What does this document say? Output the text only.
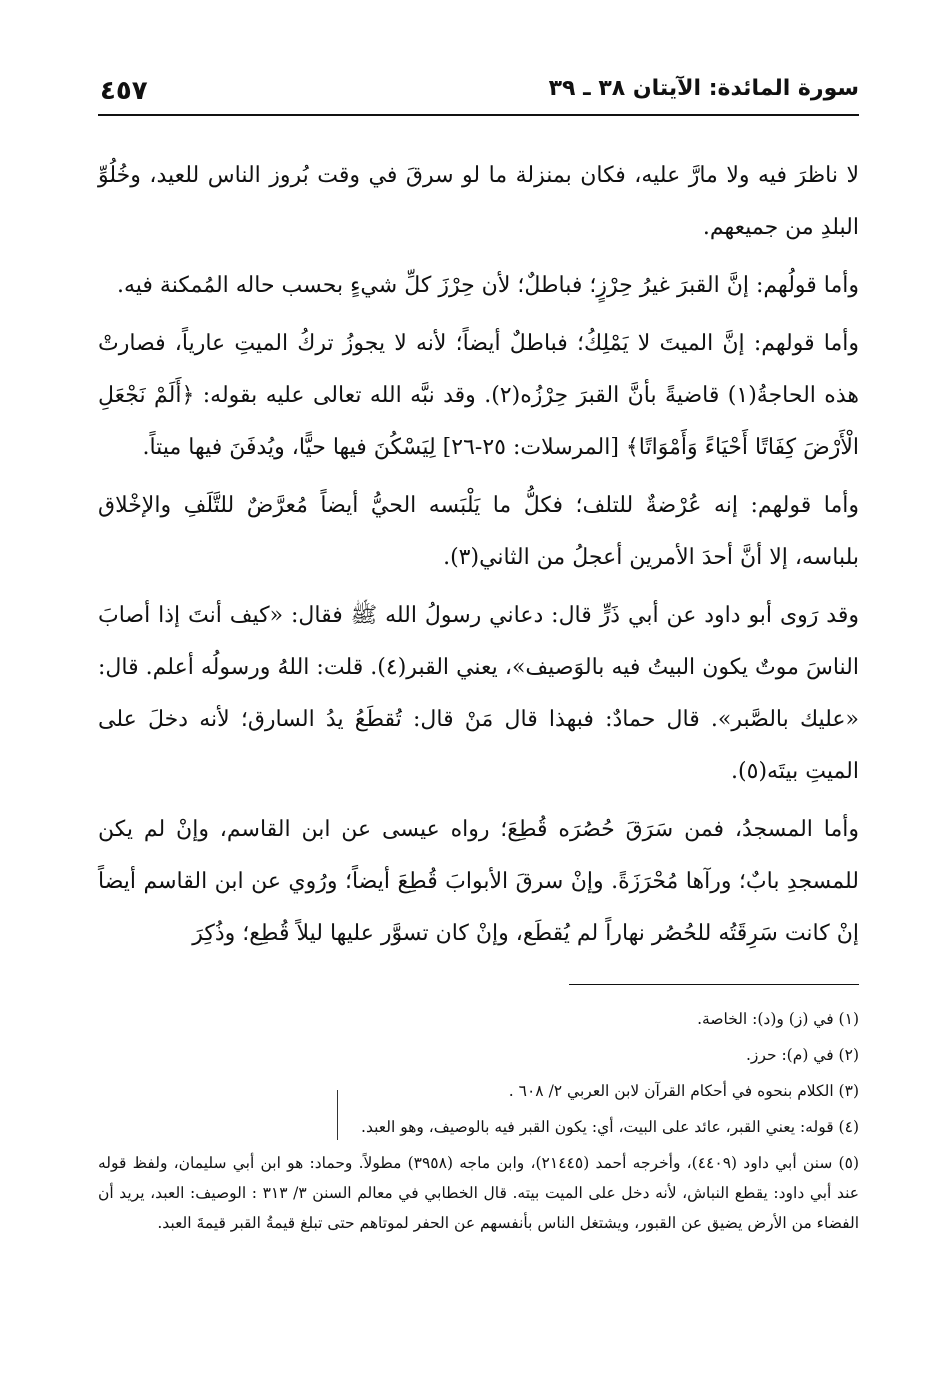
سورة المائدة: الآيتان ٣٨ ـ ٣٩
٤٥٧

لا ناظرَ فيه ولا مارَّ عليه، فكان بمنزلة ما لو سرقَ في وقت بُروز الناس للعيد، وخُلُوِّ البلدِ من جميعهم.

وأما قولُهم: إنَّ القبرَ غيرُ حِرْزٍ؛ فباطلٌ؛ لأن حِرْزَ كلِّ شيءٍ بحسب حاله المُمكنة فيه.

وأما قولهم: إنَّ الميتَ لا يَمْلِكُ؛ فباطلٌ أيضاً؛ لأنه لا يجوزُ تركُ الميتِ عارياً، فصارتْ هذه الحاجةُ(١) قاضيةً بأنَّ القبرَ حِرْزُه(٢). وقد نبَّه الله تعالى عليه بقوله: ﴿أَلَمْ نَجْعَلِ الْأَرْضَ كِفَاتًا أَحْيَاءً وَأَمْوَاتًا﴾ [المرسلات: ٢٥-٢٦] لِيَسْكُنَ فيها حيًّا، ويُدفَنَ فيها ميتاً.

وأما قولهم: إنه عُرْضةٌ للتلف؛ فكلُّ ما يَلْبَسه الحيُّ أيضاً مُعرَّضٌ للتَّلَفِ والإخْلاق بلباسه، إلا أنَّ أحدَ الأمرين أعجلُ من الثاني(٣).

وقد رَوى أبو داود عن أبي ذَرٍّ قال: دعاني رسولُ الله ﷺ فقال: «كيف أنتَ إذا أصابَ الناسَ موتٌ يكون البيتُ فيه بالوَصيف»، يعني القبر(٤). قلت: اللهُ ورسولُه أعلم. قال: «عليك بالصَّبر». قال حمادٌ: فبهذا قال مَنْ قال: تُقطَعُ يدُ السارق؛ لأنه دخلَ على الميتِ بيتَه(٥).

وأما المسجدُ، فمن سَرَقَ حُصُرَه قُطِعَ؛ رواه عيسى عن ابن القاسم، وإنْ لم يكن للمسجدِ بابٌ؛ ورآها مُحْرَزَةً. وإنْ سرقَ الأبوابَ قُطِعَ أيضاً؛ ورُوي عن ابن القاسم أيضاً إنْ كانت سَرِقَتُه للحُصُر نهاراً لم يُقطَع، وإنْ كان تسوَّر عليها ليلاً قُطِع؛ وذُكِرَ

(١) في (ز) و(د): الخاصة.

(٢) في (م): حرز.

(٣) الكلام بنحوه في أحكام القرآن لابن العربي ٢/ ٦٠٨ .

(٤) قوله: يعني القبر، عائد على البيت، أي: يكون القبر فيه بالوصيف، وهو العبد.

(٥) سنن أبي داود (٤٤٠٩)، وأخرجه أحمد (٢١٤٤٥)، وابن ماجه (٣٩٥٨) مطولاً. وحماد: هو ابن أبي سليمان، ولفظ قوله عند أبي داود: يقطع النباش، لأنه دخل على الميت بيته. قال الخطابي في معالم السنن ٣/ ٣١٣ : الوصيف: العبد، يريد أن الفضاء من الأرض يضيق عن القبور، ويشتغل الناس بأنفسهم عن الحفر لموتاهم حتى تبلغ قيمةُ القبر قيمةَ العبد.
